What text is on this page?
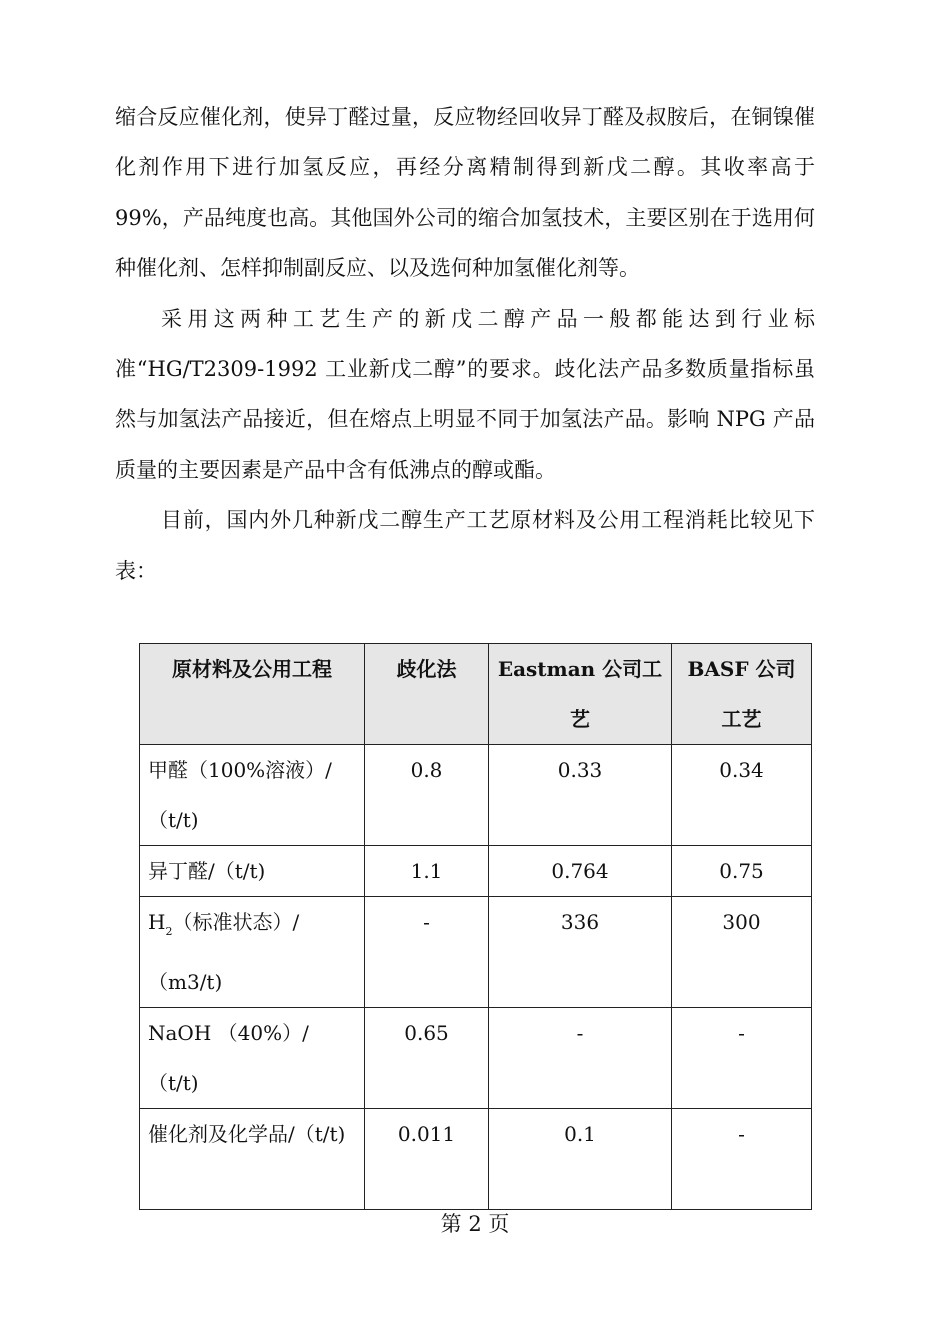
缩合反应催化剂，使异丁醛过量，反应物经回收异丁醛及叔胺后，在铜镍催化剂作用下进行加氢反应，再经分离精制得到新戊二醇。其收率高于 99%，产品纯度也高。其他国外公司的缩合加氢技术，主要区别在于选用何种催化剂、怎样抑制副反应、以及选何种加氢催化剂等。

采用这两种工艺生产的新戊二醇产品一般都能达到行业标准“HG/T2309-1992 工业新戊二醇”的要求。歧化法产品多数质量指标虽然与加氢法产品接近，但在熔点上明显不同于加氢法产品。影响 NPG 产品质量的主要因素是产品中含有低沸点的醇或酯。

目前，国内外几种新戊二醇生产工艺原材料及公用工程消耗比较见下表：

原材料及公用工程	歧化法	Eastman 公司工艺	BASF 公司工艺
甲醛（100%溶液）/（t/t)	0.8	0.33	0.34
异丁醛/（t/t)	1.1	0.764	0.75
$H_2$（标准状态）/（m3/t)	-	336	300
NaOH （40%）/（t/t)	0.65	-	-
催化剂及化学品/（t/t)	0.011	0.1	-
第 2 页
